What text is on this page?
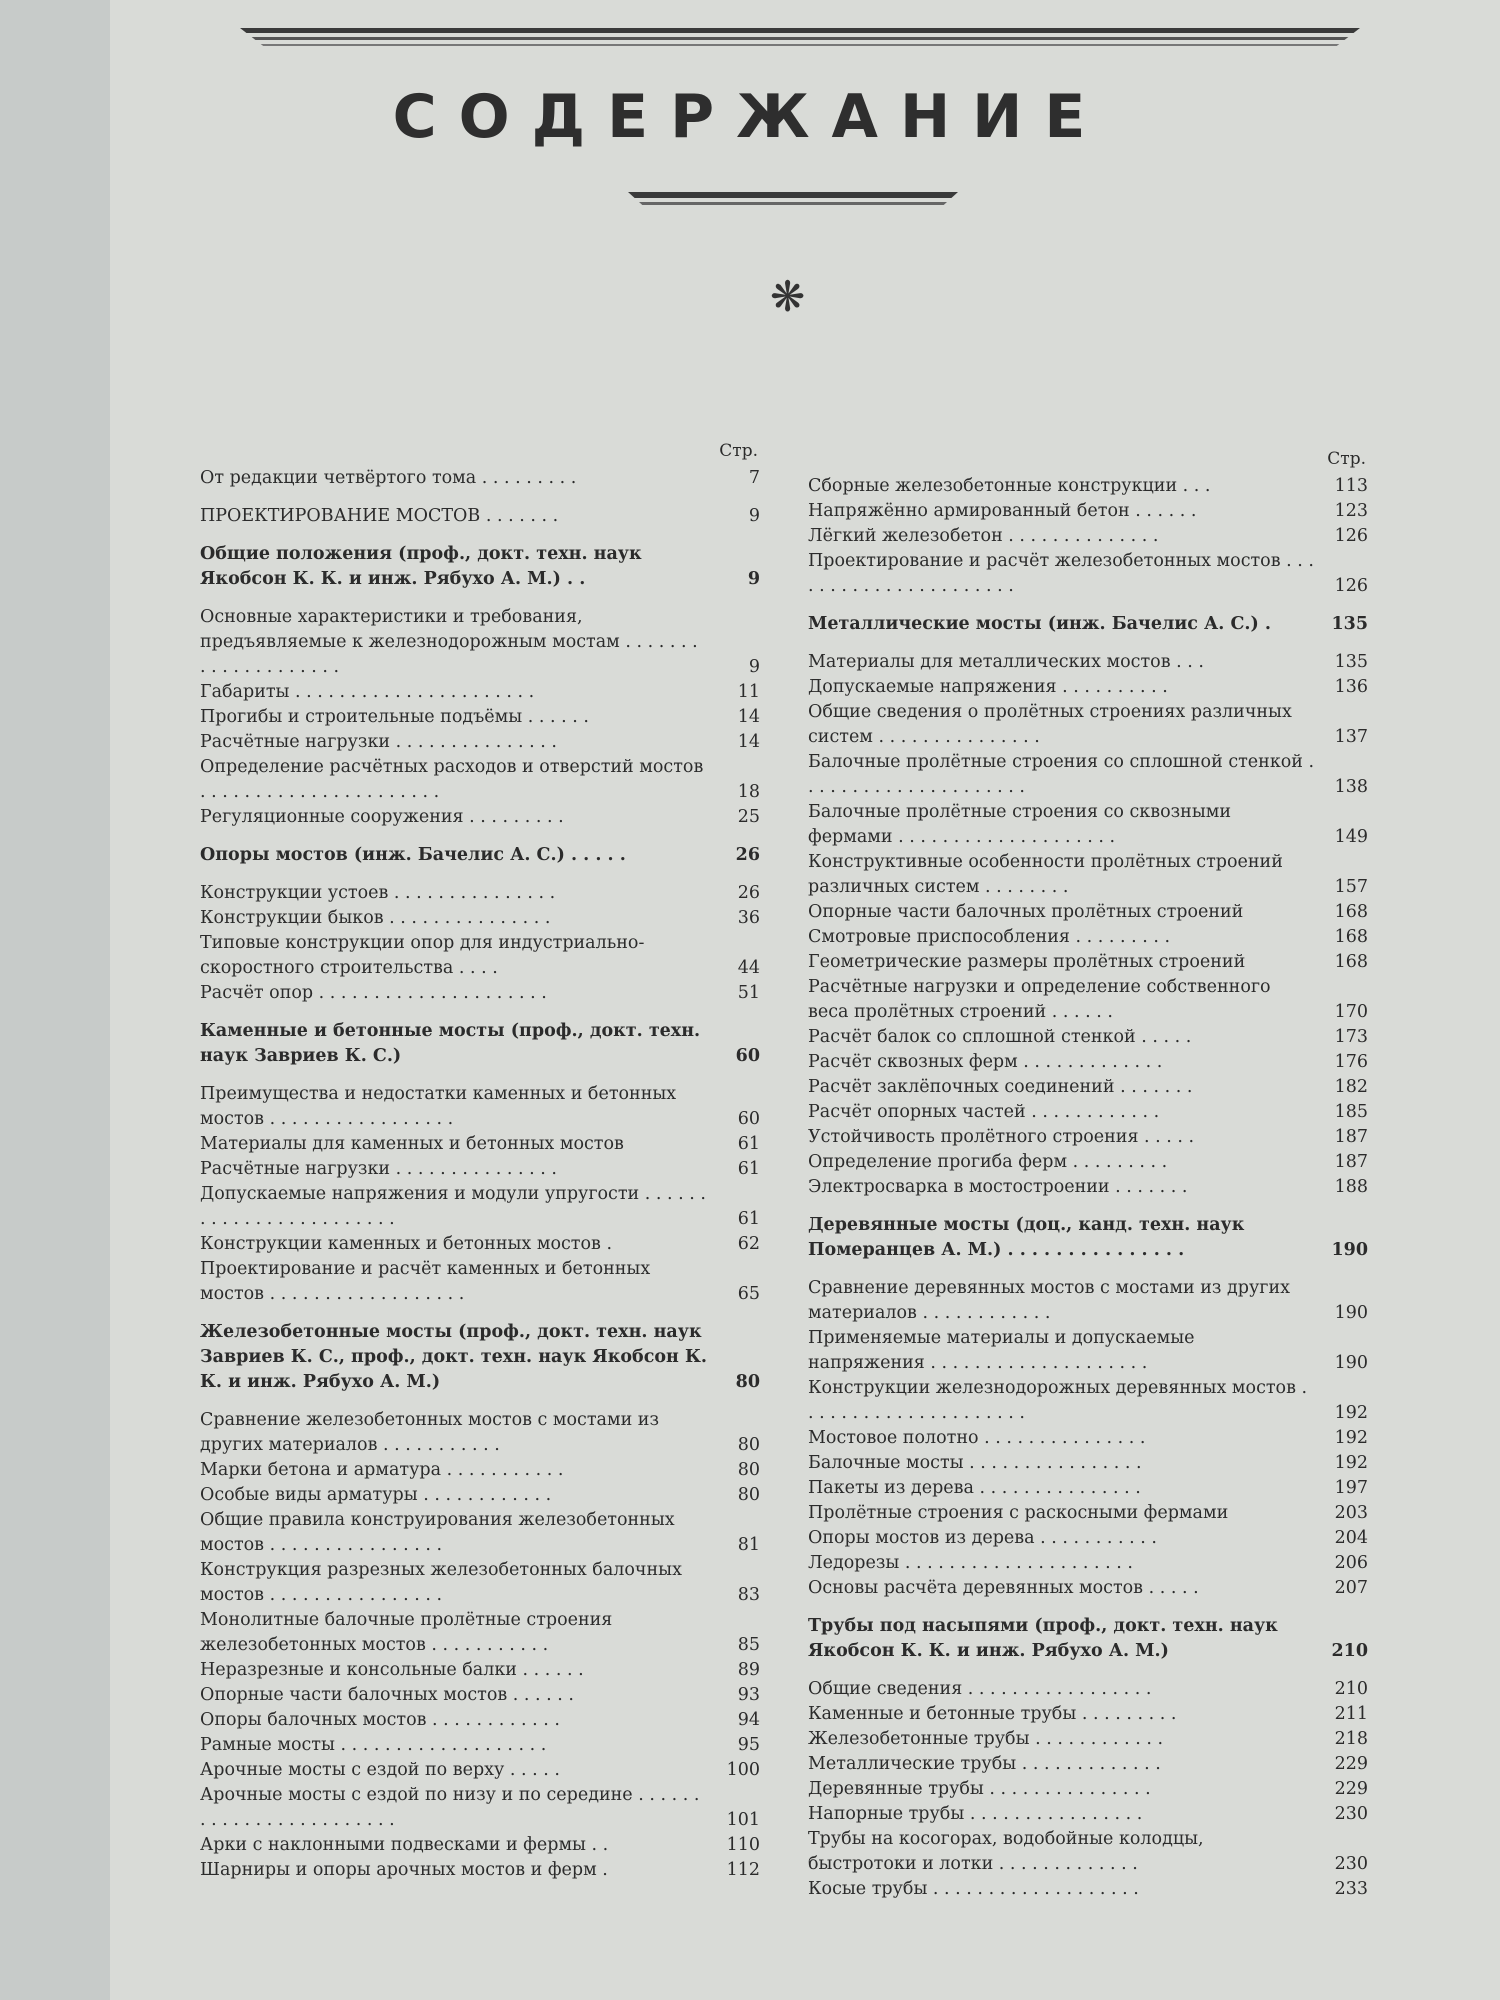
СОДЕРЖАНИЕ
❋
Стр.
От редакции четвёртого тома . . . . . . . . .	7
ПРОЕКТИРОВАНИЕ МОСТОВ . . . . . . .	9
Общие положения (проф., докт. техн. наук Якобсон К. К. и инж. Рябухо А. М.) . .	9
Основные характеристики и требования, предъявляемые к железнодорожным мостам . . . . . . . . . . . . . . . . . . . .	9
Габариты . . . . . . . . . . . . . . . . . . . . . .	11
Прогибы и строительные подъёмы . . . . . .	14
Расчётные нагрузки . . . . . . . . . . . . . . .	14
Определение расчётных расходов и отверстий мостов . . . . . . . . . . . . . . . . . . . . . .	18
Регуляционные сооружения . . . . . . . . .	25
Опоры мостов (инж. Бачелис А. С.) . . . . .	26
Конструкции устоев . . . . . . . . . . . . . . .	26
Конструкции быков . . . . . . . . . . . . . . .	36
Типовые конструкции опор для индустриально-скоростного строительства . . . .	44
Расчёт опор . . . . . . . . . . . . . . . . . . . . .	51
Каменные и бетонные мосты (проф., докт. техн. наук Завриев К. С.)	60
Преимущества и недостатки каменных и бетонных мостов . . . . . . . . . . . . . . . . .	60
Материалы для каменных и бетонных мостов	61
Расчётные нагрузки . . . . . . . . . . . . . . .	61
Допускаемые напряжения и модули упругости . . . . . . . . . . . . . . . . . . . . . . . .	61
Конструкции каменных и бетонных мостов .	62
Проектирование и расчёт каменных и бетонных мостов . . . . . . . . . . . . . . . . . .	65
Железобетонные мосты (проф., докт. техн. наук Завриев К. С., проф., докт. техн. наук Якобсон К. К. и инж. Рябухо А. М.)	80
Сравнение железобетонных мостов с мостами из других материалов . . . . . . . . . . .	80
Марки бетона и арматура . . . . . . . . . . .	80
Особые виды арматуры . . . . . . . . . . . .	80
Общие правила конструирования железобетонных мостов . . . . . . . . . . . . . . . .	81
Конструкция разрезных железобетонных балочных мостов . . . . . . . . . . . . . . . .	83
Монолитные балочные пролётные строения железобетонных мостов . . . . . . . . . . .	85
Неразрезные и консольные балки . . . . . .	89
Опорные части балочных мостов . . . . . .	93
Опоры балочных мостов . . . . . . . . . . . .	94
Рамные мосты . . . . . . . . . . . . . . . . . . .	95
Арочные мосты с ездой по верху . . . . .	100
Арочные мосты с ездой по низу и по середине . . . . . . . . . . . . . . . . . . . . . . . .	101
Арки с наклонными подвесками и фермы . .	110
Шарниры и опоры арочных мостов и ферм .	112
Стр.
Сборные железобетонные конструкции . . .	113
Напряжённо армированный бетон . . . . . .	123
Лёгкий железобетон . . . . . . . . . . . . . .	126
Проектирование и расчёт железобетонных мостов . . . . . . . . . . . . . . . . . . . . . .	126
Металлические мосты (инж. Бачелис А. С.) .	135
Материалы для металлических мостов . . .	135
Допускаемые напряжения . . . . . . . . . .	136
Общие сведения о пролётных строениях различных систем . . . . . . . . . . . . . . .	137
Балочные пролётные строения со сплошной стенкой . . . . . . . . . . . . . . . . . . . . .	138
Балочные пролётные строения со сквозными фермами . . . . . . . . . . . . . . . . . . . .	149
Конструктивные особенности пролётных строений различных систем . . . . . . . .	157
Опорные части балочных пролётных строений	168
Смотровые приспособления . . . . . . . . .	168
Геометрические размеры пролётных строений	168
Расчётные нагрузки и определение собственного веса пролётных строений . . . . . .	170
Расчёт балок со сплошной стенкой . . . . .	173
Расчёт сквозных ферм . . . . . . . . . . . . .	176
Расчёт заклёпочных соединений . . . . . . .	182
Расчёт опорных частей . . . . . . . . . . . .	185
Устойчивость пролётного строения . . . . .	187
Определение прогиба ферм . . . . . . . . .	187
Электросварка в мостостроении . . . . . . .	188
Деревянные мосты (доц., канд. техн. наук Померанцев А. М.) . . . . . . . . . . . . . . .	190
Сравнение деревянных мостов с мостами из других материалов . . . . . . . . . . . .	190
Применяемые материалы и допускаемые напряжения . . . . . . . . . . . . . . . . . . . .	190
Конструкции железнодорожных деревянных мостов . . . . . . . . . . . . . . . . . . . . .	192
Мостовое полотно . . . . . . . . . . . . . . .	192
Балочные мосты . . . . . . . . . . . . . . . .	192
Пакеты из дерева . . . . . . . . . . . . . . .	197
Пролётные строения с раскосными фермами	203
Опоры мостов из дерева . . . . . . . . . . .	204
Ледорезы . . . . . . . . . . . . . . . . . . . . .	206
Основы расчёта деревянных мостов . . . . .	207
Трубы под насыпями (проф., докт. техн. наук Якобсон К. К. и инж. Рябухо А. М.)	210
Общие сведения . . . . . . . . . . . . . . . . .	210
Каменные и бетонные трубы . . . . . . . . .	211
Железобетонные трубы . . . . . . . . . . . .	218
Металлические трубы . . . . . . . . . . . . .	229
Деревянные трубы . . . . . . . . . . . . . . .	229
Напорные трубы . . . . . . . . . . . . . . . .	230
Трубы на косогорах, водобойные колодцы, быстротоки и лотки . . . . . . . . . . . . .	230
Косые трубы . . . . . . . . . . . . . . . . . . .	233
